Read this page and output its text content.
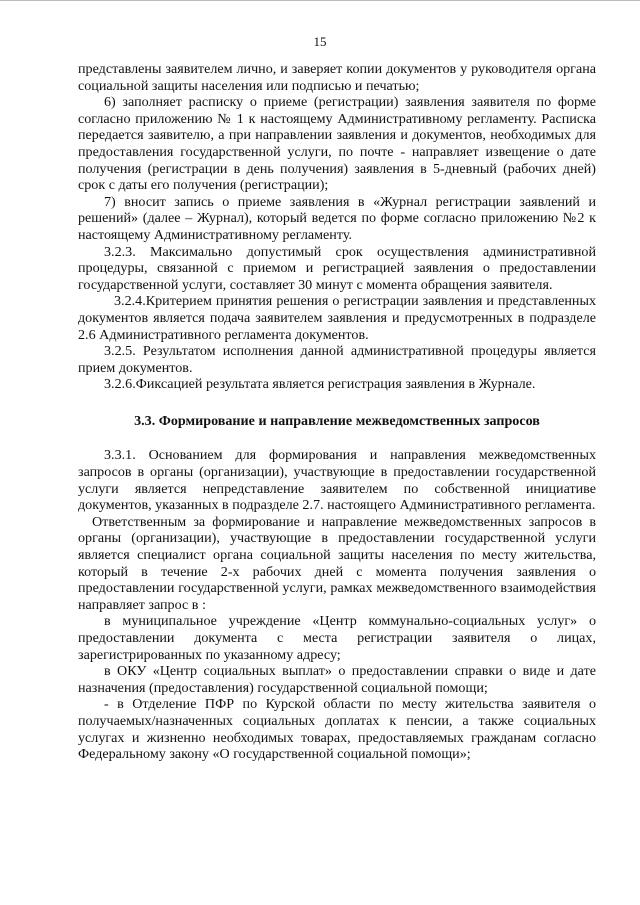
15

представлены заявителем лично, и заверяет копии документов у руководителя органа социальной защиты населения или подписью и печатью;

6) заполняет расписку о приеме (регистрации) заявления заявителя по форме согласно приложению № 1 к настоящему Административному регламенту. Расписка передается заявителю, а при направлении заявления и документов, необходимых для предоставления государственной услуги, по почте - направляет извещение о дате получения (регистрации в день получения) заявления в 5-дневный (рабочих дней) срок с даты его получения (регистрации);

7) вносит запись о приеме заявления в «Журнал регистрации заявлений и решений» (далее – Журнал), который ведется по форме согласно приложению №2 к настоящему Административному регламенту.

3.2.3. Максимально допустимый срок осуществления административной процедуры, связанной с приемом и регистрацией заявления о предоставлении государственной услуги, составляет 30 минут с момента обращения заявителя.

3.2.4.Критерием принятия решения о регистрации заявления и представленных документов является подача заявителем заявления и предусмотренных в подразделе 2.6 Административного регламента документов.

3.2.5. Результатом исполнения данной административной процедуры является прием документов.

3.2.6.Фиксацией результата является регистрация заявления в Журнале.

3.3. Формирование и направление межведомственных запросов

3.3.1. Основанием для формирования и направления межведомственных запросов в органы (организации), участвующие в предоставлении государственной услуги является непредставление заявителем по собственной инициативе документов, указанных в подразделе 2.7. настоящего Административного регламента.

Ответственным за формирование и направление межведомственных запросов в органы (организации), участвующие в предоставлении государственной услуги является специалист органа социальной защиты населения по месту жительства, который в течение 2-х рабочих дней с момента получения заявления о предоставлении государственной услуги, рамках межведомственного взаимодействия направляет запрос в :

в муниципальное учреждение «Центр коммунально-социальных услуг» о предоставлении документа с места регистрации заявителя о лицах, зарегистрированных по указанному адресу;

в ОКУ «Центр социальных выплат» о предоставлении справки о виде и дате назначения (предоставления) государственной социальной помощи;

- в Отделение ПФР по Курской области по месту жительства заявителя о получаемых/назначенных социальных доплатах к пенсии, а также социальных услугах и жизненно необходимых товарах, предоставляемых гражданам согласно Федеральному закону «О государственной социальной помощи»;
